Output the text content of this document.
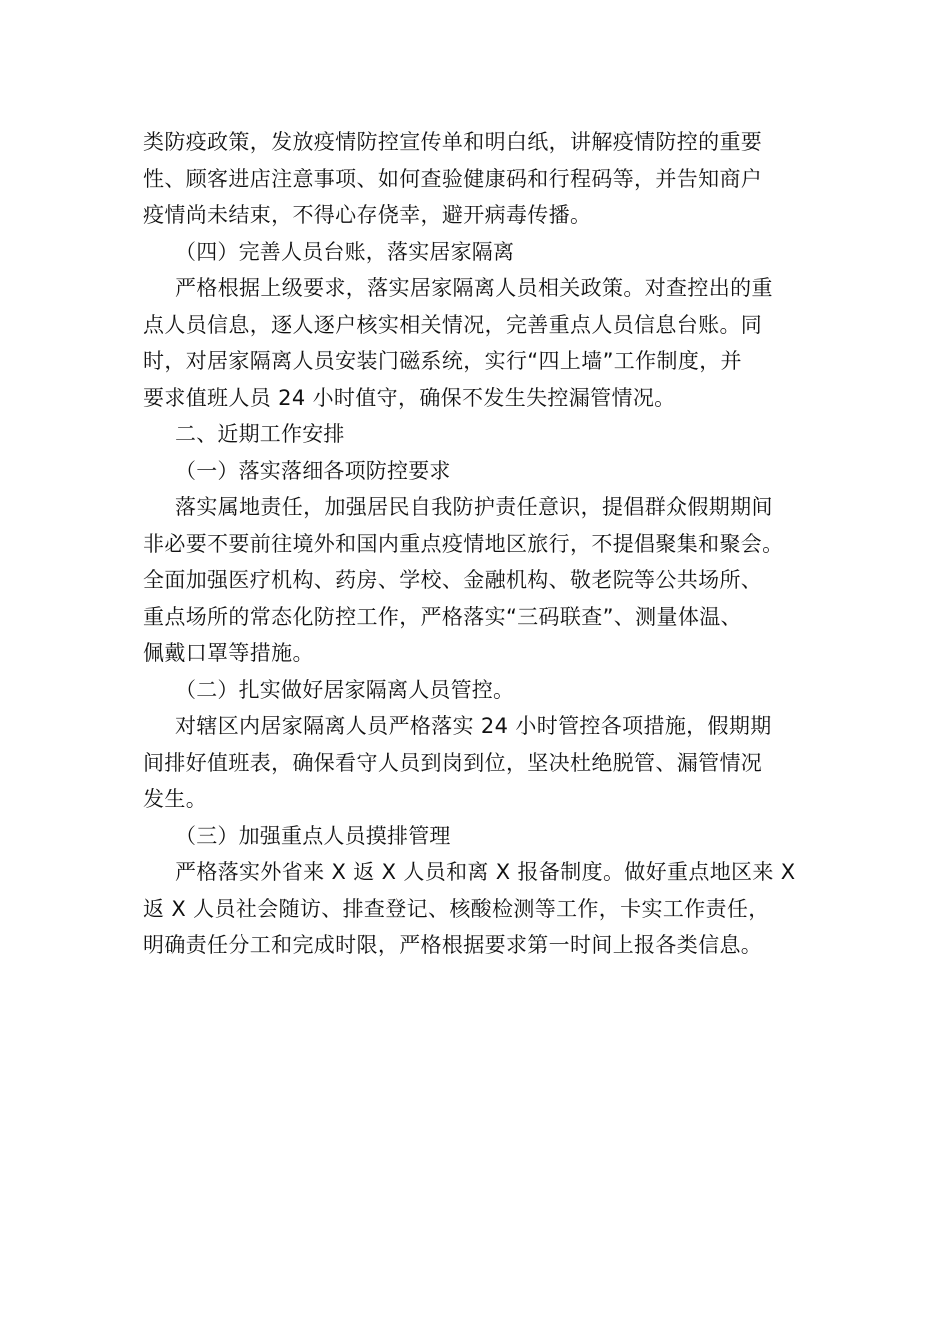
类防疫政策，发放疫情防控宣传单和明白纸，讲解疫情防控的重要
性、顾客进店注意事项、如何查验健康码和行程码等，并告知商户
疫情尚未结束，不得心存侥幸，避开病毒传播。
（四）完善人员台账，落实居家隔离
严格根据上级要求，落实居家隔离人员相关政策。对查控出的重
点人员信息，逐人逐户核实相关情况，完善重点人员信息台账。同
时，对居家隔离人员安装门磁系统，实行“四上墙”工作制度，并
要求值班人员 24 小时值守，确保不发生失控漏管情况。
二、近期工作安排
（一）落实落细各项防控要求
落实属地责任，加强居民自我防护责任意识，提倡群众假期期间
非必要不要前往境外和国内重点疫情地区旅行，不提倡聚集和聚会。
全面加强医疗机构、药房、学校、金融机构、敬老院等公共场所、
重点场所的常态化防控工作，严格落实“三码联查”、测量体温、
佩戴口罩等措施。
（二）扎实做好居家隔离人员管控。
对辖区内居家隔离人员严格落实 24 小时管控各项措施，假期期
间排好值班表，确保看守人员到岗到位，坚决杜绝脱管、漏管情况
发生。
（三）加强重点人员摸排管理
严格落实外省来 X 返 X 人员和离 X 报备制度。做好重点地区来 X
返 X 人员社会随访、排查登记、核酸检测等工作，卡实工作责任，
明确责任分工和完成时限，严格根据要求第一时间上报各类信息。
